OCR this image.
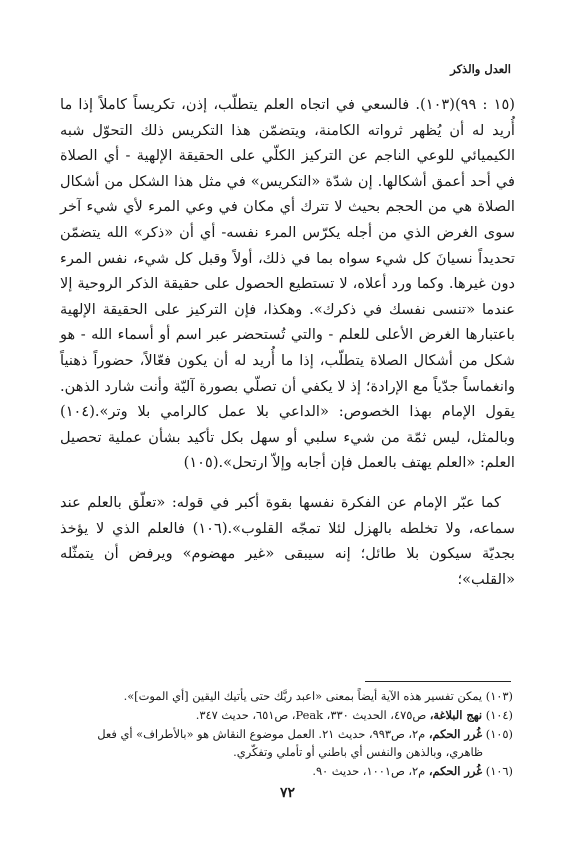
العدل والذكر

(١٥ : ٩٩)(١٠٣). فالسعي في اتجاه العلم يتطلّب، إذن، تكريساً كاملاً إذا ما أُريد له أن يُظهر ثرواته الكامنة، ويتضمّن هذا التكريس ذلك التحوّل شبه الكيميائي للوعي الناجم عن التركيز الكلّي على الحقيقة الإلهية - أي الصلاة في أحد أعمق أشكالها. إن شدّة «التكريس» في مثل هذا الشكل من أشكال الصلاة هي من الحجم بحيث لا تترك أي مكان في وعي المرء لأي شيء آخر سوى الغرض الذي من أجله يكرّس المرء نفسه- أي أن «ذكر» الله يتضمّن تحديداً نسيانَ كل شيء سواه بما في ذلك، أولاً وقبل كل شيء، نفس المرء دون غيرها. وكما ورد أعلاه، لا تستطيع الحصول على حقيقة الذكر الروحية إلا عندما «تنسى نفسك في ذكرك». وهكذا، فإن التركيز على الحقيقة الإلهية باعتبارها الغرض الأعلى للعلم - والتي تُستحضر عبر اسم أو أسماء الله - هو شكل من أشكال الصلاة يتطلّب، إذا ما أُريد له أن يكون فعّالاً، حضوراً ذهنياً وانغماساً جدّياً مع الإرادة؛ إذ لا يكفي أن تصلّي بصورة آليّة وأنت شارد الذهن. يقول الإمام بهذا الخصوص: «الداعي بلا عمل كالرامي بلا وتر».(١٠٤) وبالمثل، ليس ثمّة من شيء سلبي أو سهل بكل تأكيد بشأن عملية تحصيل العلم: «العلم يهتف بالعمل فإن أجابه وإلاّ ارتحل».(١٠٥)

كما عبّر الإمام عن الفكرة نفسها بقوة أكبر في قوله: «تعلّق بالعلم عند سماعه، ولا تخلطه بالهزل لئلا تمجّه القلوب».(١٠٦) فالعلم الذي لا يؤخذ بجديّة سيكون بلا طائل؛ إنه سيبقى «غير مهضوم» ويرفض أن يتمثّله «القلب»؛

(١٠٣) يمكن تفسير هذه الآية أيضاً بمعنى «اعبد ربَّك حتى يأتيك اليقين [أي الموت]».
(١٠٤) نهج البلاغة، ص٤٧٥، الحديث ٣٣٠، Peak، ص٦٥١، حديث ٣٤٧.
(١٠٥) غُرر الحكم، م٢، ص٩٩٣، حديث ٢١. العمل موضوع النقاش هو «بالأطراف» أي فعل ظاهري، وبالذهن والنفس أي باطني أو تأملي وتفكّري.
(١٠٦) غُرر الحكم، م٢، ص١٠٠١، حديث ٩٠.
٧٢
